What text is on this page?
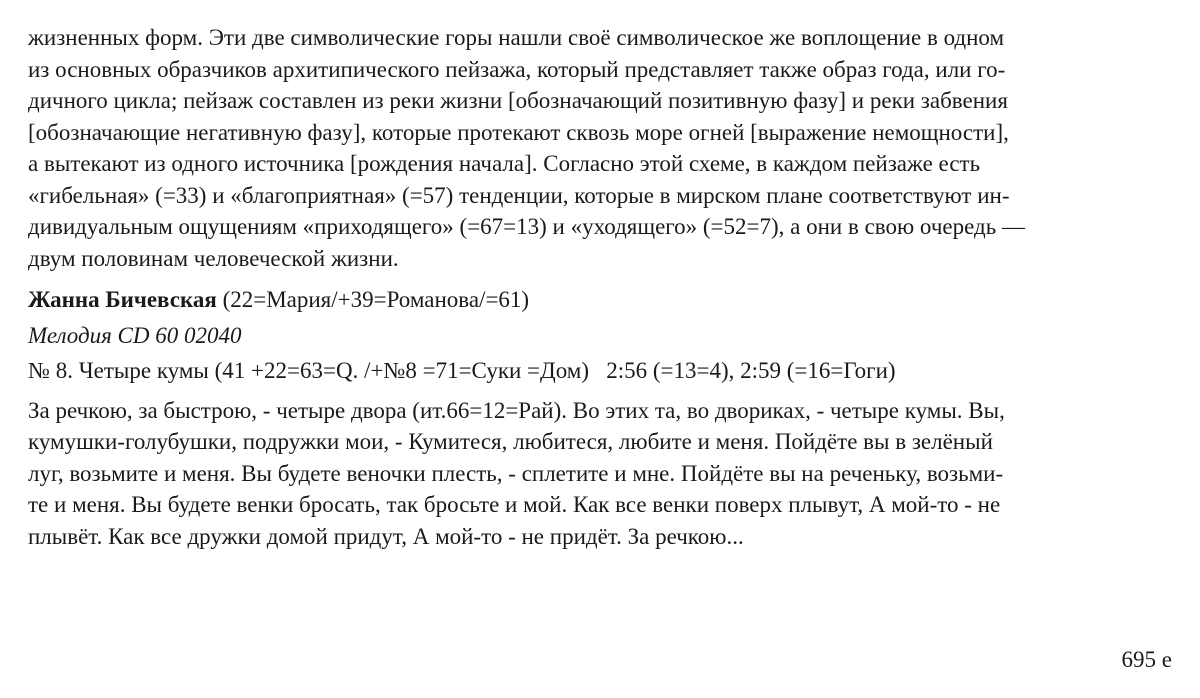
жизненных форм. Эти две символические горы нашли своё символическое же воплощение в одном
из основных образчиков архитипического пейзажа, который представляет также образ года, или го-
дичного цикла; пейзаж составлен из реки жизни [обозначающий позитивную фазу] и реки забвения
[обозначающие негативную фазу], которые протекают сквозь море огней [выражение немощности],
а вытекают из одного источника [рождения начала]. Согласно этой схеме, в каждом пейзаже есть
«гибельная» (=33) и «благоприятная» (=57) тенденции, которые в мирском плане соответствуют ин-
дивидуальным ощущениям «приходящего» (=67=13) и «уходящего» (=52=7), а они в свою очередь —
двум половинам человеческой жизни.
Жанна Бичевская (22=Мария/+39=Романова/=61)
Мелодия CD 60 02040
№ 8. Четыре кумы (41 +22=63=Q. /+№8 =71=Суки =Дом)   2:56 (=13=4), 2:59 (=16=Гоги)
За речкою, за быстрою, - четыре двора (ит.66=12=Рай). Во этих та, во двориках, - четыре кумы. Вы,
кумушки-голубушки, подружки мои, - Кумитеся, любитеся, любите и меня. Пойдёте вы в зелёный
луг, возьмите и меня. Вы будете веночки плесть, - сплетите и мне. Пойдёте вы на реченьку, возьми-
те и меня. Вы будете венки бросать, так бросьте и мой. Как все венки поверх плывут, А мой-то - не
плывёт. Как все дружки домой придут, А мой-то - не придёт. За речкою...
695 е
